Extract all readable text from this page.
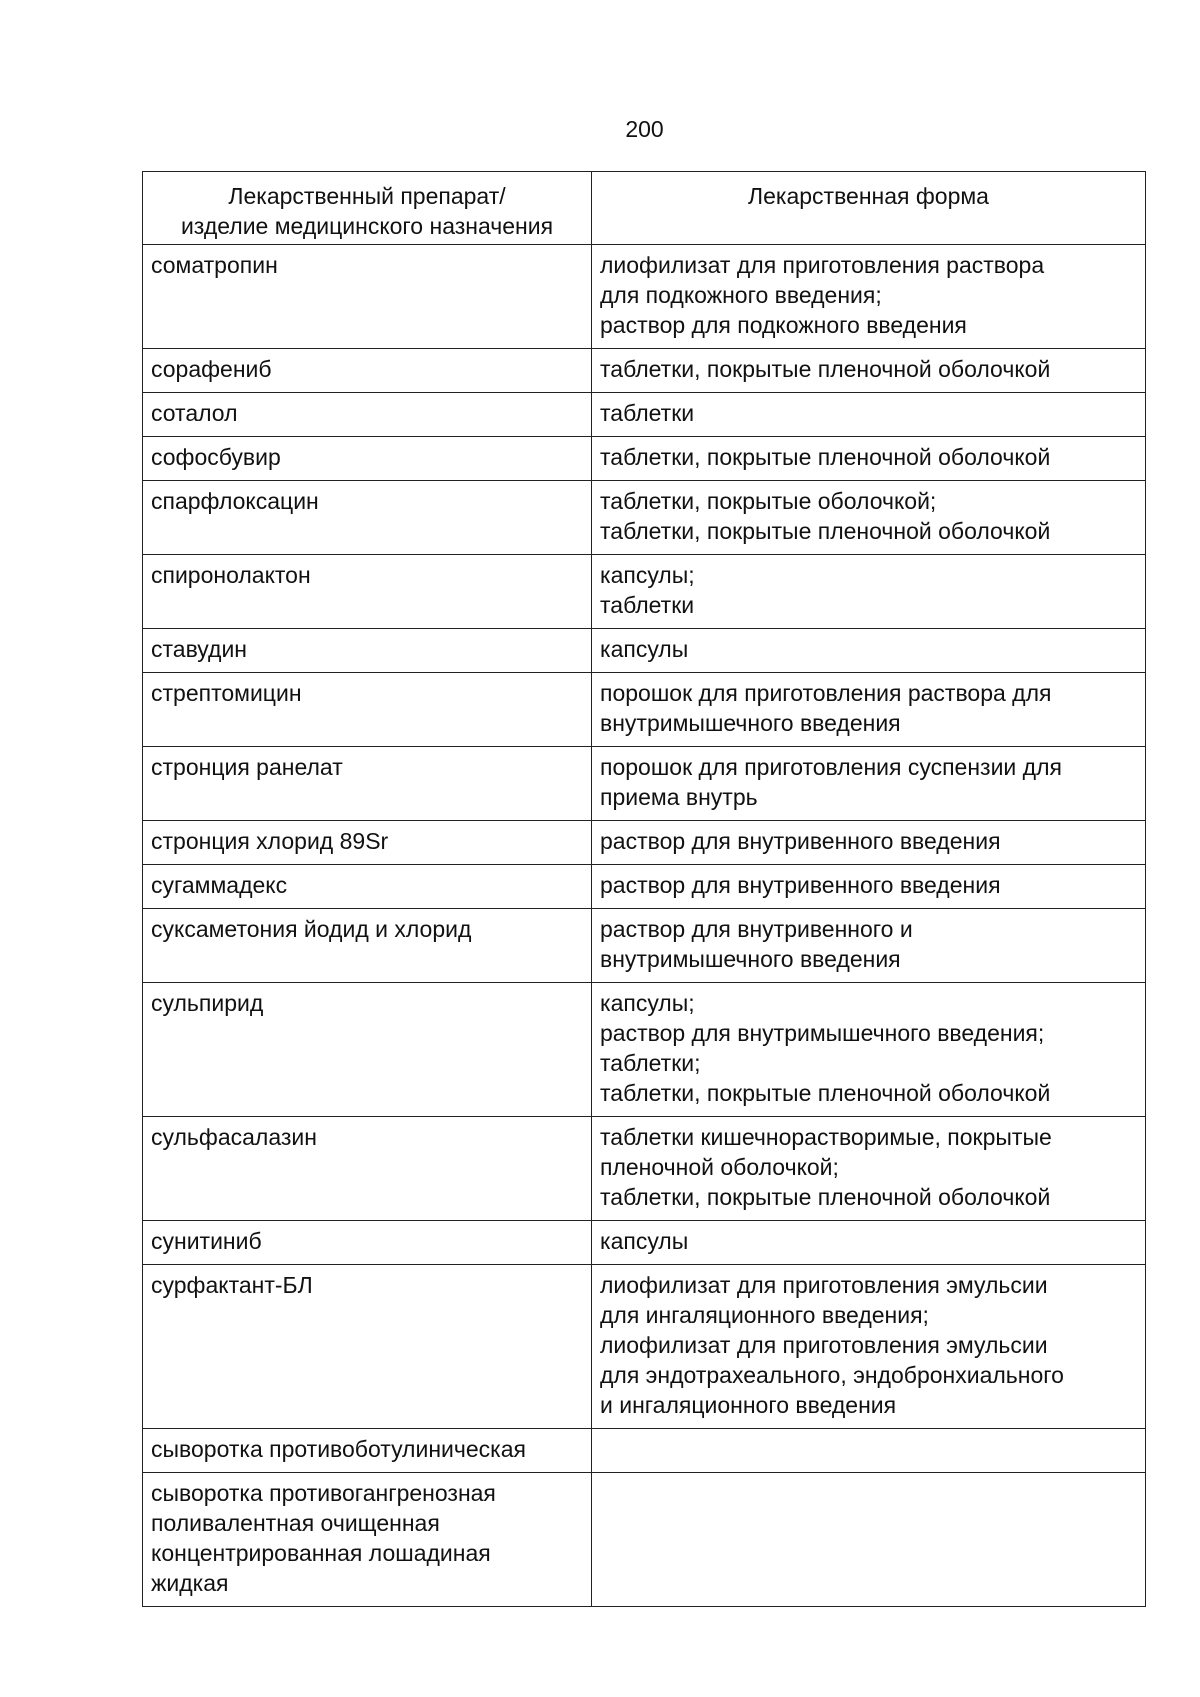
200
Лекарственный препарат/
изделие медицинского назначения	Лекарственная форма

соматропин	лиофилизат для приготовления раствора
для подкожного введения;
раствор для подкожного введения

сорафениб	таблетки, покрытые пленочной оболочкой

соталол	таблетки

софосбувир	таблетки, покрытые пленочной оболочкой

спарфлоксацин	таблетки, покрытые оболочкой;
таблетки, покрытые пленочной оболочкой

спиронолактон	капсулы;
таблетки

ставудин	капсулы

стрептомицин	порошок для приготовления раствора для
внутримышечного введения

стронция ранелат	порошок для приготовления суспензии для
приема внутрь

стронция хлорид 89Sr	раствор для внутривенного введения

сугаммадекс	раствор для внутривенного введения

суксаметония йодид и хлорид	раствор для внутривенного и
внутримышечного введения

сульпирид	капсулы;
раствор для внутримышечного введения;
таблетки;
таблетки, покрытые пленочной оболочкой

сульфасалазин	таблетки кишечнорастворимые, покрытые
пленочной оболочкой;
таблетки, покрытые пленочной оболочкой

сунитиниб	капсулы

сурфактант-БЛ	лиофилизат для приготовления эмульсии
для ингаляционного введения;
лиофилизат для приготовления эмульсии
для эндотрахеального, эндобронхиального
и ингаляционного введения

сыворотка противоботулиническая	

сыворотка противогангренозная
поливалентная очищенная
концентрированная лошадиная
жидкая	
